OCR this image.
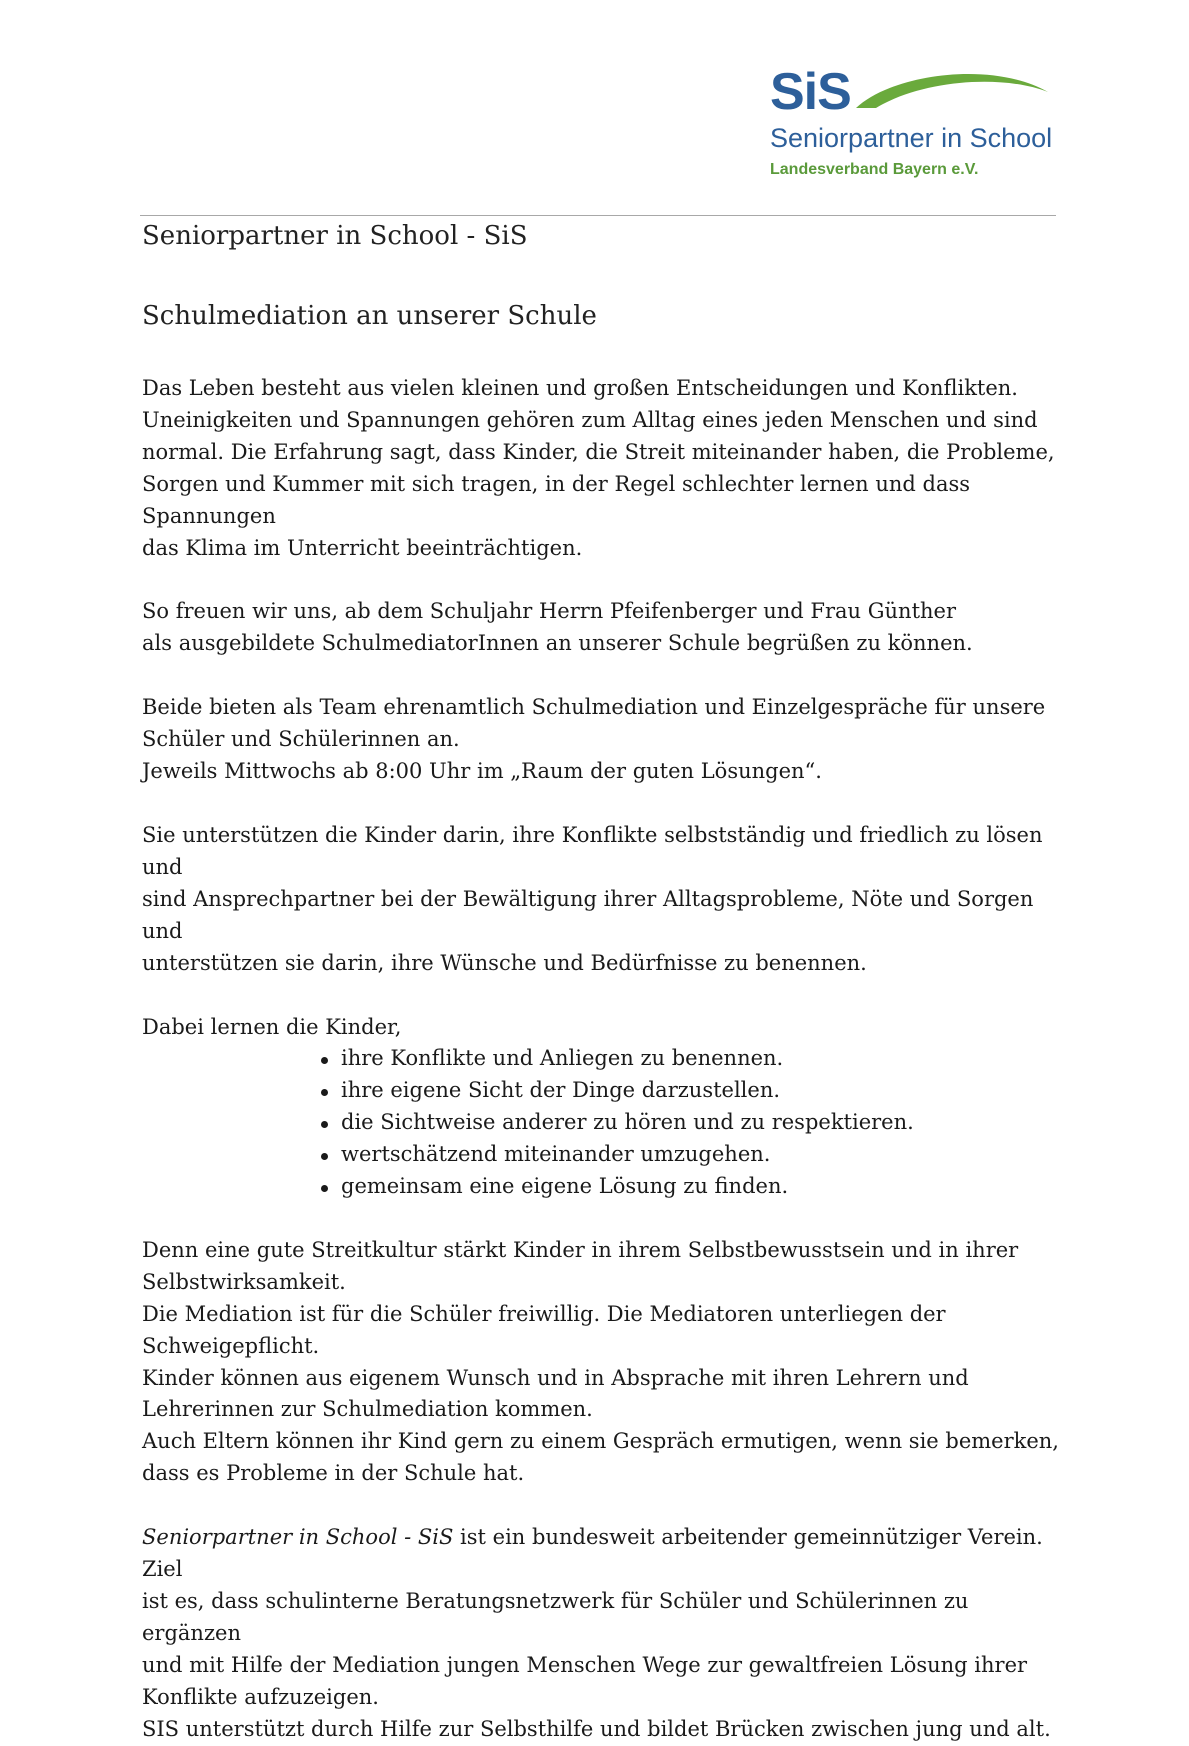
SiS
Seniorpartner in School
Landesverband Bayern e.V.
Seniorpartner in School - SiS
Schulmediation an unserer Schule

Das Leben besteht aus vielen kleinen und großen Entscheidungen und Konflikten.
Uneinigkeiten und Spannungen gehören zum Alltag eines jeden Menschen und sind
normal. Die Erfahrung sagt, dass Kinder, die Streit miteinander haben, die Probleme,
Sorgen und Kummer mit sich tragen, in der Regel schlechter lernen und dass Spannungen
das Klima im Unterricht beeinträchtigen.

So freuen wir uns, ab dem Schuljahr Herrn Pfeifenberger und Frau Günther
als ausgebildete SchulmediatorInnen an unserer Schule begrüßen zu können.

Beide bieten als Team ehrenamtlich Schulmediation und Einzelgespräche für unsere
Schüler und Schülerinnen an.
Jeweils Mittwochs ab 8:00 Uhr im „Raum der guten Lösungen“.

Sie unterstützen die Kinder darin, ihre Konflikte selbstständig und friedlich zu lösen und
sind Ansprechpartner bei der Bewältigung ihrer Alltagsprobleme, Nöte und Sorgen und
unterstützen sie darin, ihre Wünsche und Bedürfnisse zu benennen.

Dabei lernen die Kinder,

ihre Konflikte und Anliegen zu benennen.
ihre eigene Sicht der Dinge darzustellen.
die Sichtweise anderer zu hören und zu respektieren.
wertschätzend miteinander umzugehen.
gemeinsam eine eigene Lösung zu finden.

Denn eine gute Streitkultur stärkt Kinder in ihrem Selbstbewusstsein und in ihrer
Selbstwirksamkeit.
Die Mediation ist für die Schüler freiwillig. Die Mediatoren unterliegen der
Schweigepflicht.
Kinder können aus eigenem Wunsch und in Absprache mit ihren Lehrern und
Lehrerinnen zur Schulmediation kommen.
Auch Eltern können ihr Kind gern zu einem Gespräch ermutigen, wenn sie bemerken,
dass es Probleme in der Schule hat.

Seniorpartner in School - SiS ist ein bundesweit arbeitender gemeinnütziger Verein. Ziel
ist es, dass schulinterne Beratungsnetzwerk für Schüler und Schülerinnen zu ergänzen
und mit Hilfe der Mediation jungen Menschen Wege zur gewaltfreien Lösung ihrer
Konflikte aufzuzeigen.
SIS unterstützt durch Hilfe zur Selbsthilfe und bildet Brücken zwischen jung und alt.
